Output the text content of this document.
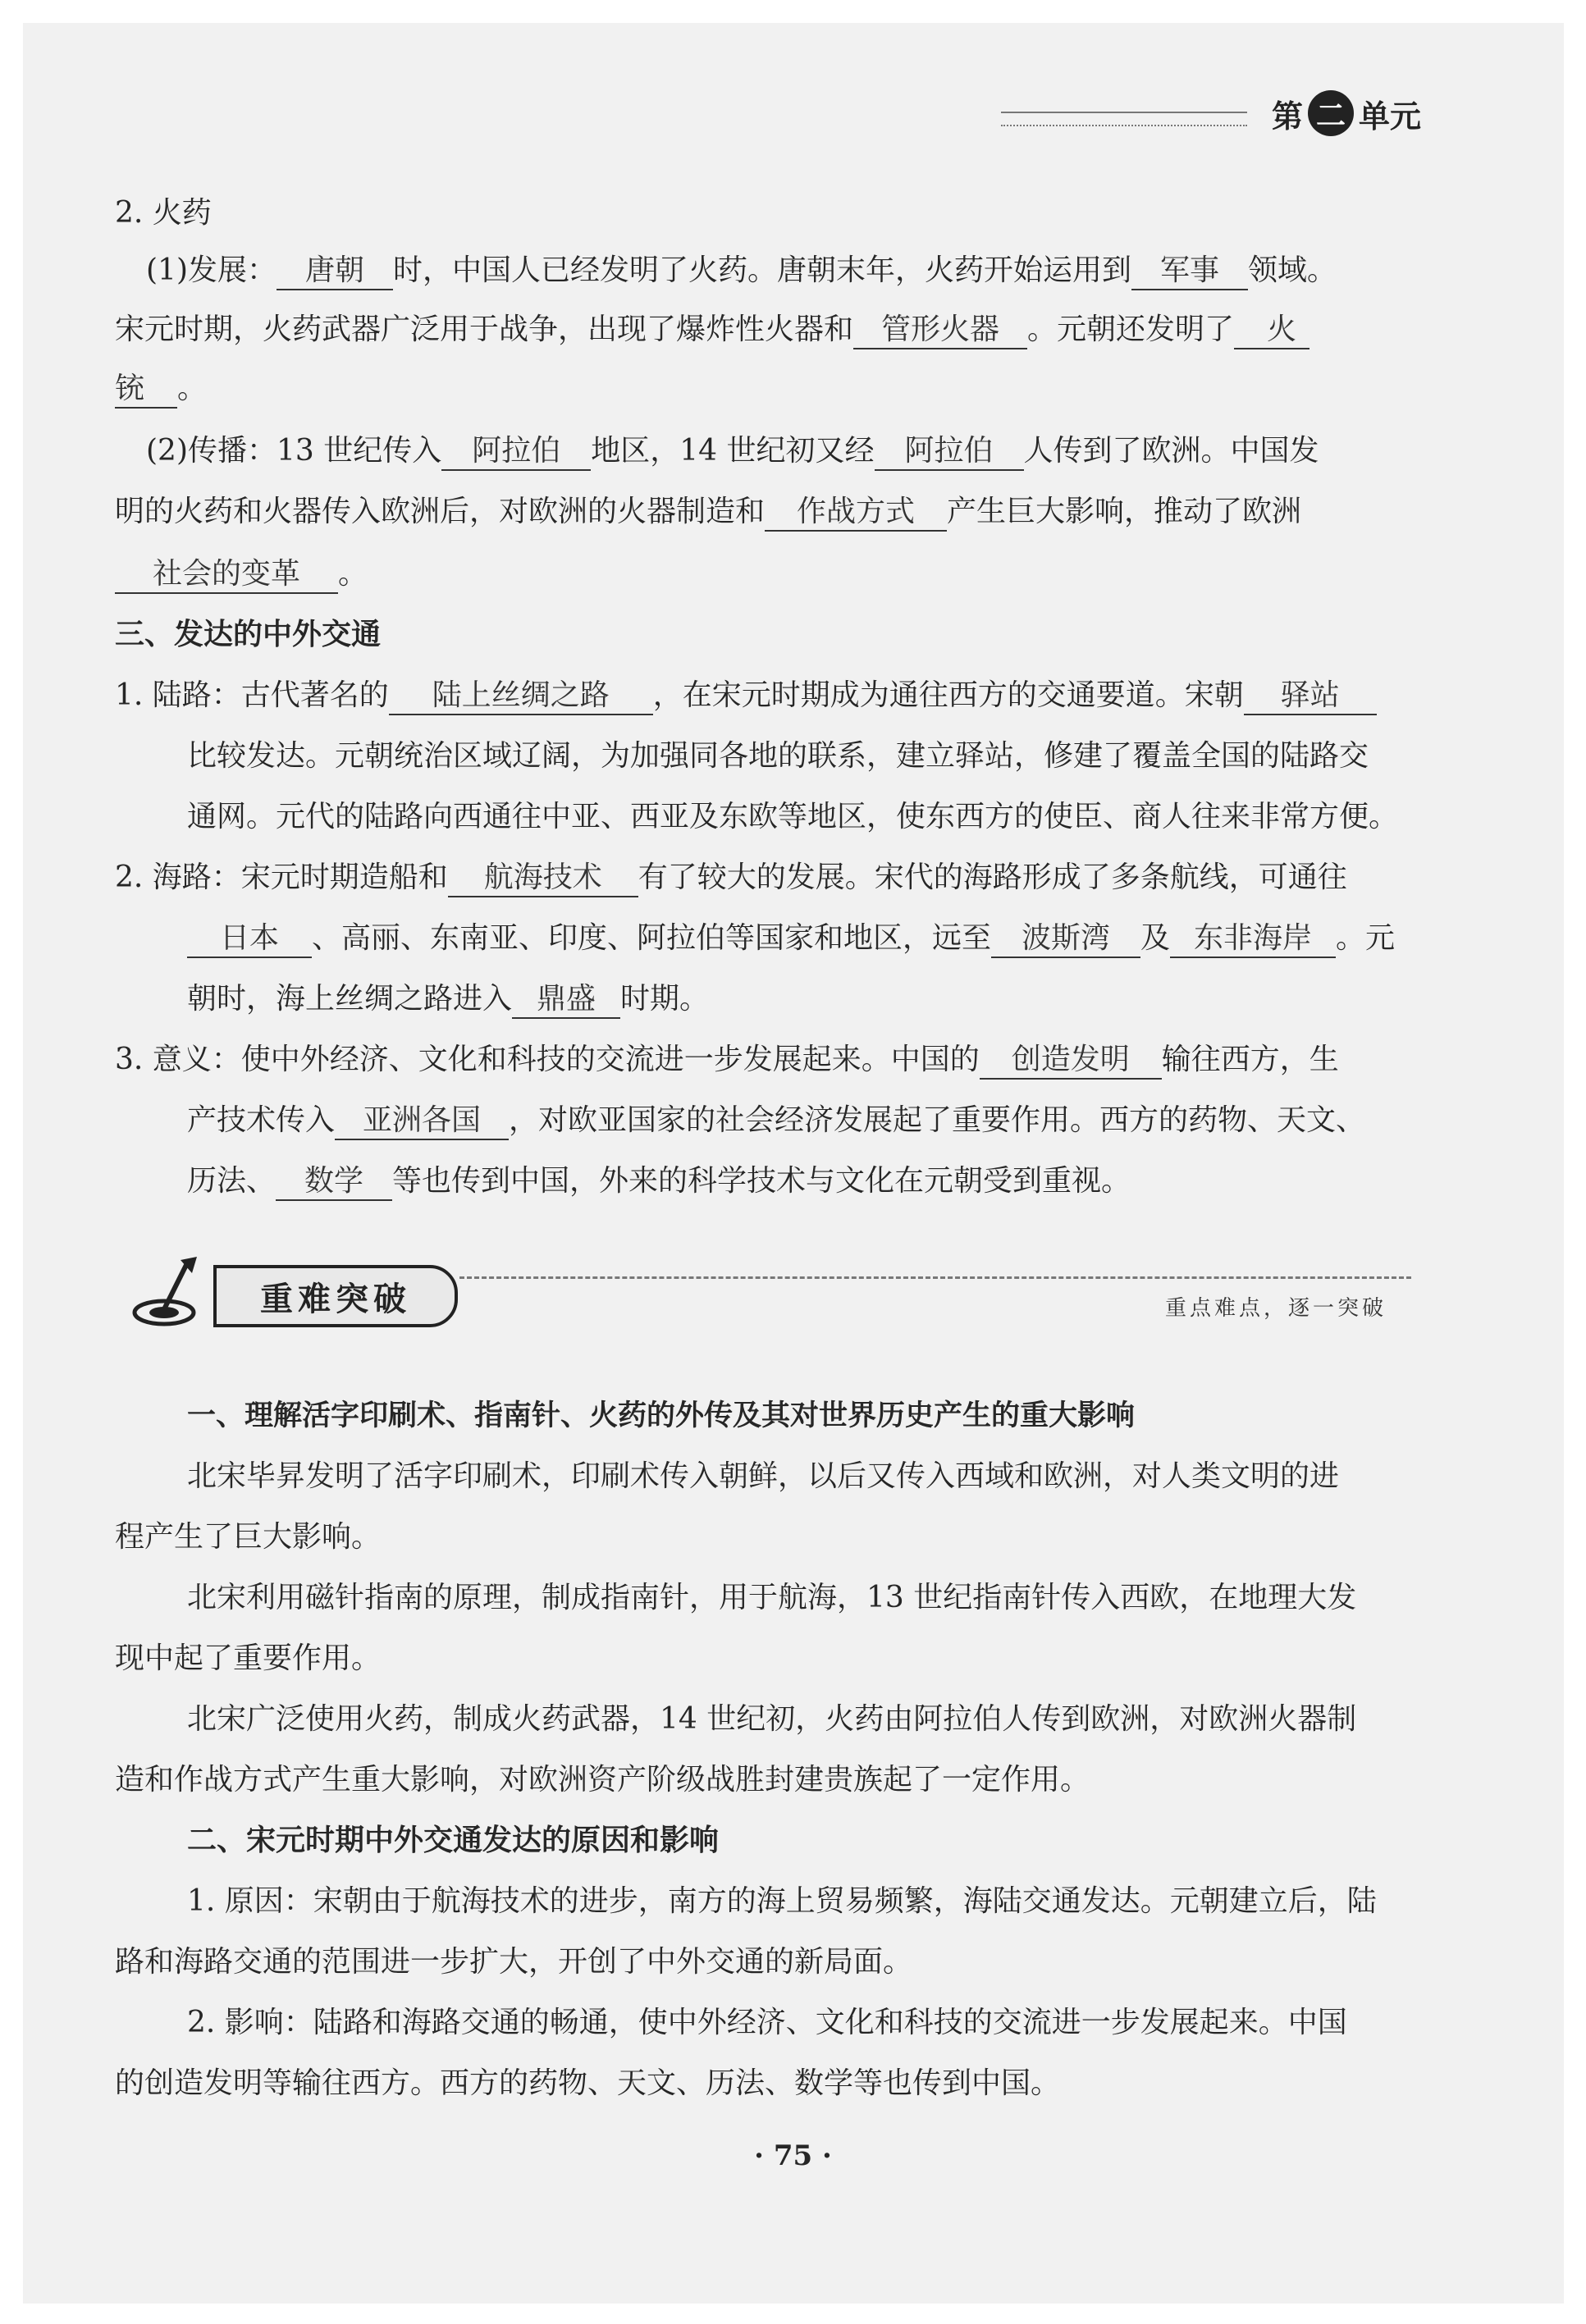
第 二 单元
2. 火药
(1)发展： 唐朝 时，中国人已经发明了火药。唐朝末年，火药开始运用到 军事 领域。
宋元时期，火药武器广泛用于战争，出现了爆炸性火器和 管形火器 。元朝还发明了 火
铳 。
(2)传播：13 世纪传入 阿拉伯 地区，14 世纪初又经 阿拉伯 人传到了欧洲。中国发
明的火药和火器传入欧洲后，对欧洲的火器制造和 作战方式 产生巨大影响，推动了欧洲
社会的变革 。
三、发达的中外交通
1. 陆路：古代著名的 陆上丝绸之路 ，在宋元时期成为通往西方的交通要道。宋朝 驿站
比较发达。元朝统治区域辽阔，为加强同各地的联系，建立驿站，修建了覆盖全国的陆路交
通网。元代的陆路向西通往中亚、西亚及东欧等地区，使东西方的使臣、商人往来非常方便。
2. 海路：宋元时期造船和 航海技术 有了较大的发展。宋代的海路形成了多条航线，可通往
日本 、高丽、东南亚、印度、阿拉伯等国家和地区，远至 波斯湾 及 东非海岸 。元
朝时，海上丝绸之路进入 鼎盛 时期。
3. 意义：使中外经济、文化和科技的交流进一步发展起来。中国的 创造发明 输往西方，生
产技术传入 亚洲各国 ，对欧亚国家的社会经济发展起了重要作用。西方的药物、天文、
历法、 数学 等也传到中国，外来的科学技术与文化在元朝受到重视。
重难突破	重点难点，逐一突破
一、理解活字印刷术、指南针、火药的外传及其对世界历史产生的重大影响
北宋毕昇发明了活字印刷术，印刷术传入朝鲜，以后又传入西域和欧洲，对人类文明的进
程产生了巨大影响。
北宋利用磁针指南的原理，制成指南针，用于航海，13 世纪指南针传入西欧，在地理大发
现中起了重要作用。
北宋广泛使用火药，制成火药武器，14 世纪初，火药由阿拉伯人传到欧洲，对欧洲火器制
造和作战方式产生重大影响，对欧洲资产阶级战胜封建贵族起了一定作用。
二、宋元时期中外交通发达的原因和影响
1. 原因：宋朝由于航海技术的进步，南方的海上贸易频繁，海陆交通发达。元朝建立后，陆
路和海路交通的范围进一步扩大，开创了中外交通的新局面。
2. 影响：陆路和海路交通的畅通，使中外经济、文化和科技的交流进一步发展起来。中国
的创造发明等输往西方。西方的药物、天文、历法、数学等也传到中国。
· 75 ·
